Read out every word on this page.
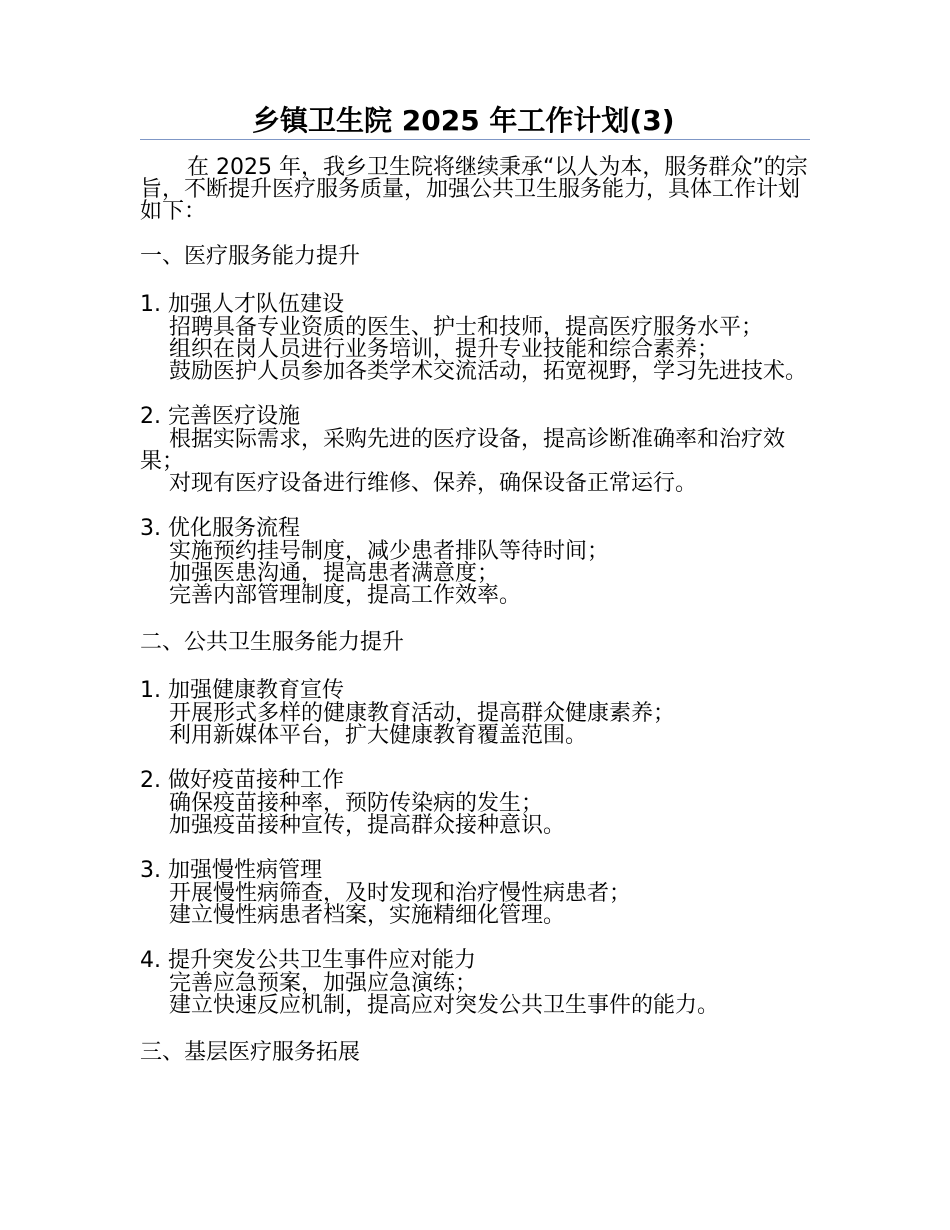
乡镇卫生院 2025 年工作计划(3)

在 2025 年，我乡卫生院将继续秉承“以人为本，服务群众”的宗旨，不断提升医疗服务质量，加强公共卫生服务能力，具体工作计划如下：

一、医疗服务能力提升

1. 加强人才队伍建设

招聘具备专业资质的医生、护士和技师，提高医疗服务水平；

组织在岗人员进行业务培训，提升专业技能和综合素养；

鼓励医护人员参加各类学术交流活动，拓宽视野，学习先进技术。

2. 完善医疗设施

根据实际需求，采购先进的医疗设备，提高诊断准确率和治疗效果；

对现有医疗设备进行维修、保养，确保设备正常运行。

3. 优化服务流程

实施预约挂号制度，减少患者排队等待时间；

加强医患沟通，提高患者满意度；

完善内部管理制度，提高工作效率。

二、公共卫生服务能力提升

1. 加强健康教育宣传

开展形式多样的健康教育活动，提高群众健康素养；

利用新媒体平台，扩大健康教育覆盖范围。

2. 做好疫苗接种工作

确保疫苗接种率，预防传染病的发生；

加强疫苗接种宣传，提高群众接种意识。

3. 加强慢性病管理

开展慢性病筛查，及时发现和治疗慢性病患者；

建立慢性病患者档案，实施精细化管理。

4. 提升突发公共卫生事件应对能力

完善应急预案，加强应急演练；

建立快速反应机制，提高应对突发公共卫生事件的能力。

三、基层医疗服务拓展
